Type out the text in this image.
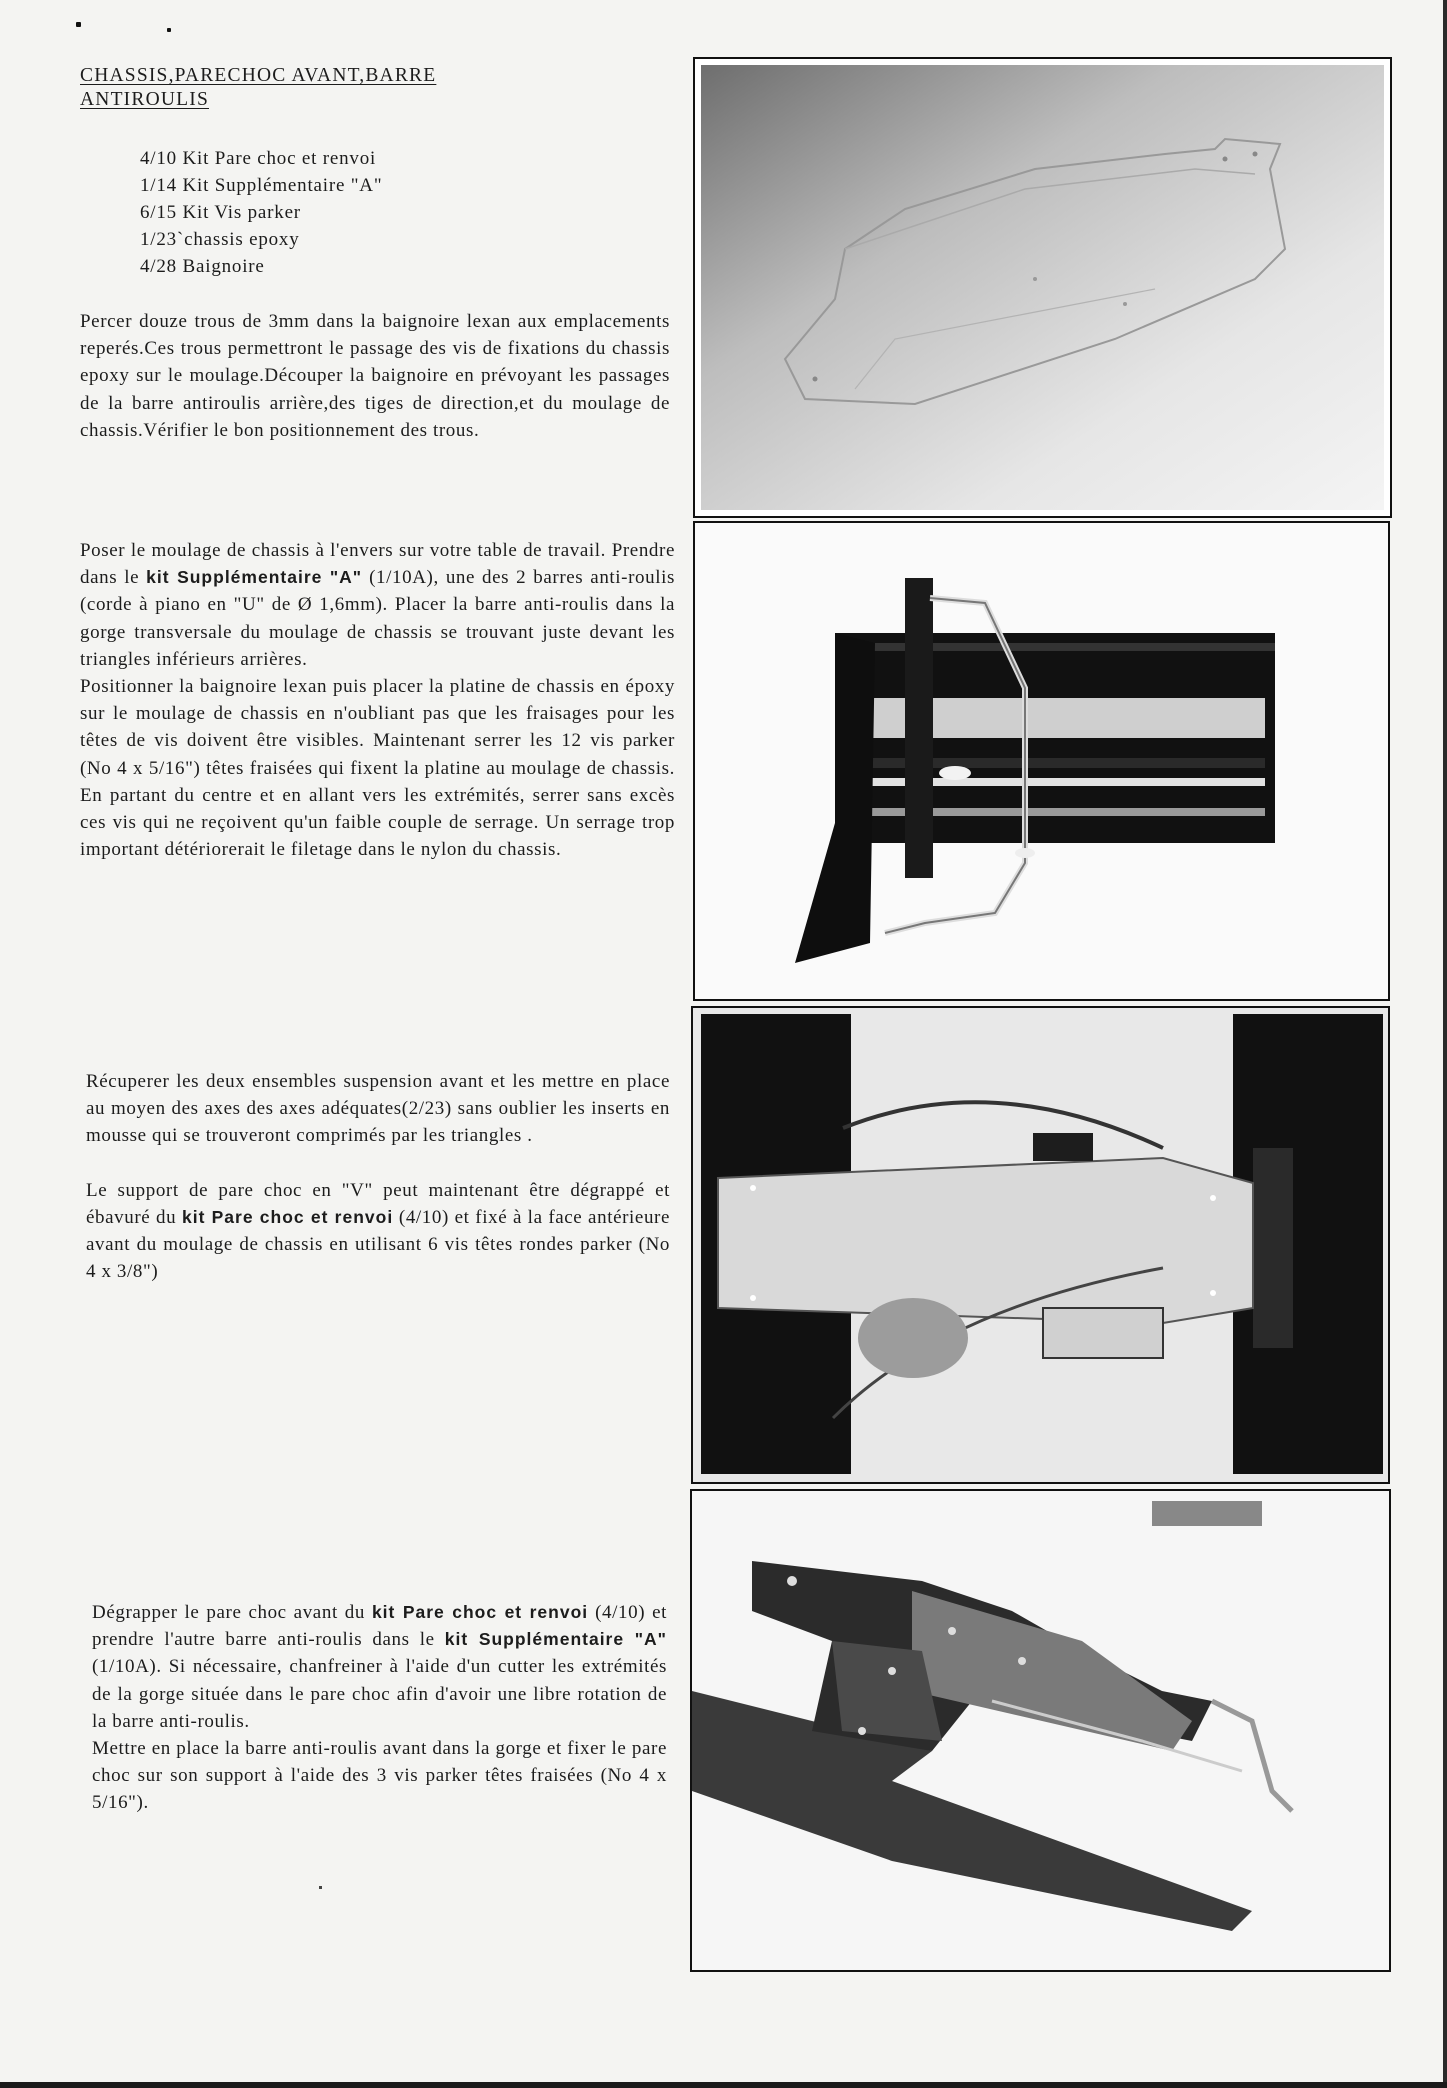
CHASSIS,PARECHOC AVANT,BARRE ANTIROULIS
4/10 Kit Pare choc et renvoi
1/14 Kit Supplémentaire "A"
6/15 Kit Vis parker
1/23`chassis epoxy
4/28 Baignoire

Percer douze trous de 3mm dans la baignoire lexan aux emplacements reperés.Ces trous permettront le passage des vis de fixations du chassis epoxy sur le moulage.Découper la baignoire en prévoyant les passages de la barre antiroulis arrière,des tiges de direction,et du moulage de chassis.Vérifier le bon positionnement des trous.

Poser le moulage de chassis à l'envers sur votre table de travail. Prendre dans le kit Supplémentaire "A" (1/10A), une des 2 barres anti-roulis (corde à piano en "U" de Ø 1,6mm). Placer la barre anti-roulis dans la gorge transversale du moulage de chassis se trouvant juste devant les triangles inférieurs arrières.

Positionner la baignoire lexan puis placer la platine de chassis en époxy sur le moulage de chassis en n'oubliant pas que les fraisages pour les têtes de vis doivent être visibles. Maintenant serrer les 12 vis parker (No 4 x 5/16") têtes fraisées qui fixent la platine au moulage de chassis. En partant du centre et en allant vers les extrémités, serrer sans excès ces vis qui ne reçoivent qu'un faible couple de serrage. Un serrage trop important détériorerait le filetage dans le nylon du chassis.

Récuperer les deux ensembles suspension avant et les mettre en place au moyen des axes des axes adéquates(2/23) sans oublier les inserts en mousse qui se trouveront comprimés par les triangles .

Le support de pare choc en "V" peut maintenant être dégrappé et ébavuré du kit Pare choc et renvoi (4/10) et fixé à la face antérieure avant du moulage de chassis en utilisant 6 vis têtes rondes parker (No 4 x 3/8")

Dégrapper le pare choc avant du kit Pare choc et renvoi (4/10) et prendre l'autre barre anti-roulis dans le kit Supplémentaire "A" (1/10A). Si nécessaire, chanfreiner à l'aide d'un cutter les extrémités de la gorge située dans le pare choc afin d'avoir une libre rotation de la barre anti-roulis.

Mettre en place la barre anti-roulis avant dans la gorge et fixer le pare choc sur son support à l'aide des 3 vis parker têtes fraisées (No 4 x 5/16").
